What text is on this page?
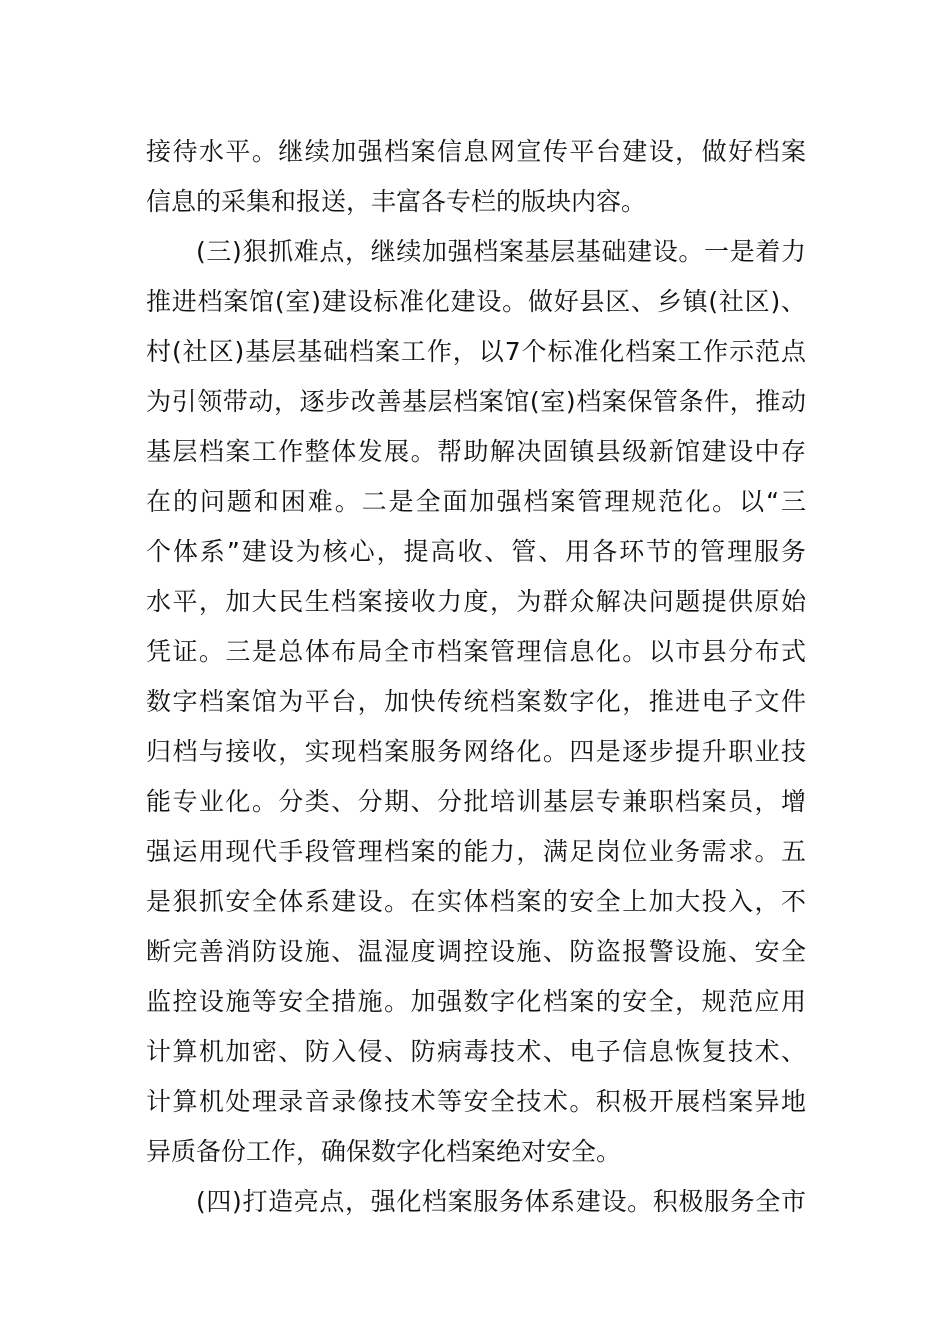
接待水平。继续加强档案信息网宣传平台建设，做好档案
信息的采集和报送，丰富各专栏的版块内容。
(三)狠抓难点，继续加强档案基层基础建设。一是着力
推进档案馆(室)建设标准化建设。做好县区、乡镇(社区)、
村(社区)基层基础档案工作，以7个标准化档案工作示范点
为引领带动，逐步改善基层档案馆(室)档案保管条件，推动
基层档案工作整体发展。帮助解决固镇县级新馆建设中存
在的问题和困难。二是全面加强档案管理规范化。以“三
个体系”建设为核心，提高收、管、用各环节的管理服务
水平，加大民生档案接收力度，为群众解决问题提供原始
凭证。三是总体布局全市档案管理信息化。以市县分布式
数字档案馆为平台，加快传统档案数字化，推进电子文件
归档与接收，实现档案服务网络化。四是逐步提升职业技
能专业化。分类、分期、分批培训基层专兼职档案员，增
强运用现代手段管理档案的能力，满足岗位业务需求。五
是狠抓安全体系建设。在实体档案的安全上加大投入，不
断完善消防设施、温湿度调控设施、防盗报警设施、安全
监控设施等安全措施。加强数字化档案的安全，规范应用
计算机加密、防入侵、防病毒技术、电子信息恢复技术、
计算机处理录音录像技术等安全技术。积极开展档案异地
异质备份工作，确保数字化档案绝对安全。
(四)打造亮点，强化档案服务体系建设。积极服务全市
